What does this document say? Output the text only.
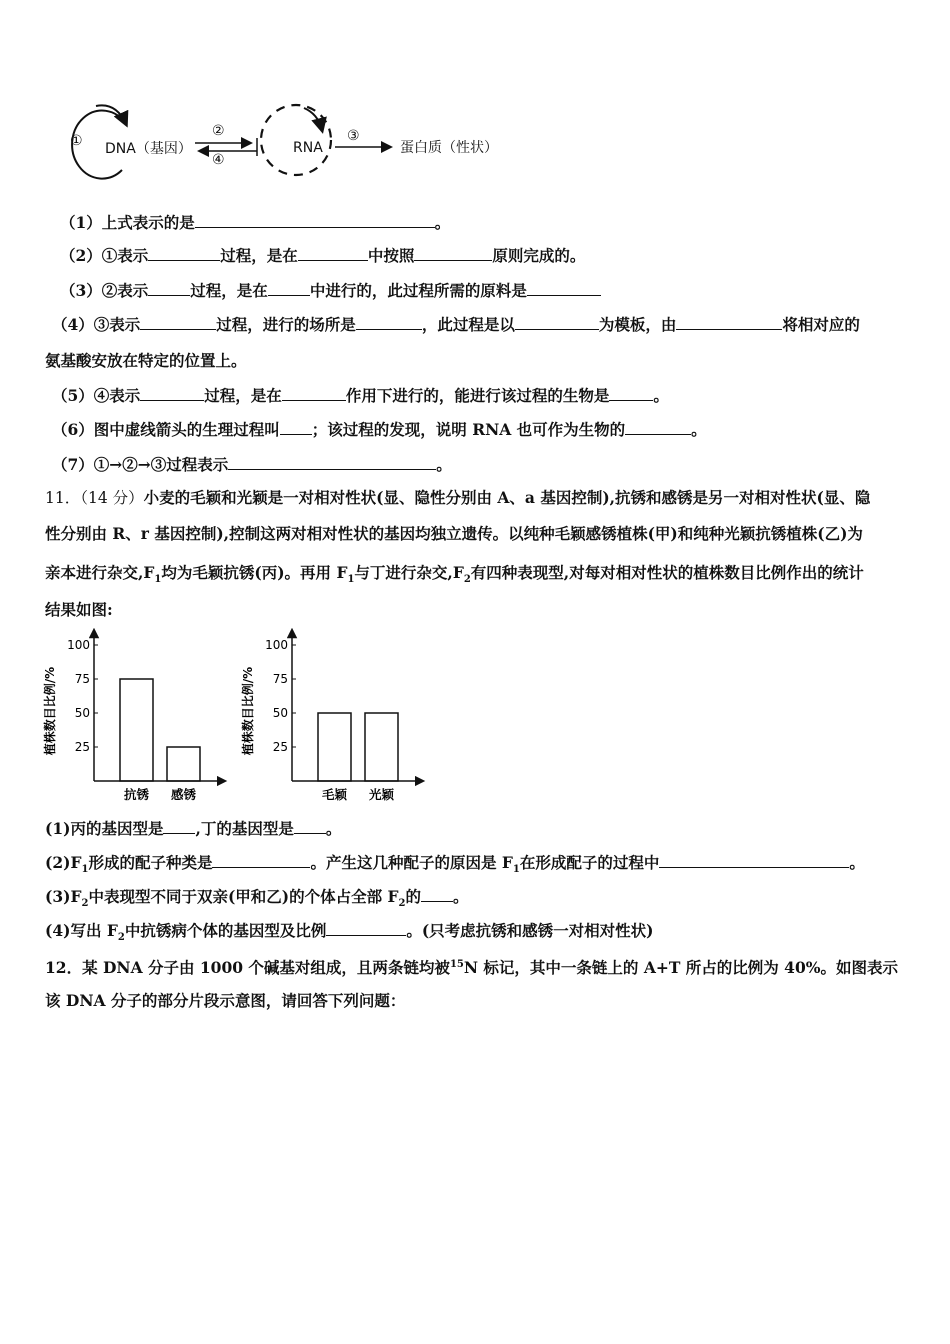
① DNA（基因）
②
④
RNA
③
蛋白质（性状）
（1）上式表示的是	。
（2）①表示	过程，是在	中按照	原则完成的。
（3）②表示	过程，是在	中进行的，此过程所需的原料是
（4）③表示	过程，进行的场所是	，此过程是以	为模板，由	将相对应的
氨基酸安放在特定的位置上。
（5）④表示	过程，是在	作用下进行的，能进行该过程的生物是	。
（6）图中虚线箭头的生理过程叫 ；该过程的发现，说明 RNA 也可作为生物的	。
（7）①→②→③过程表示	。
11．（14 分）小麦的毛颖和光颖是一对相对性状(显、隐性分别由 A、a 基因控制),抗锈和感锈是另一对相对性状(显、隐
性分别由 R、r 基因控制),控制这两对相对性状的基因均独立遗传。以纯种毛颖感锈植株(甲)和纯种光颖抗锈植株(乙)为
亲本进行杂交$,F_1$均为毛颖抗锈(丙)。再用 $F_1$与丁进行杂交$,F_2$有四种表现型,对每对相对性状的植株数目比例作出的统计
结果如图:
植株数目比例/% 25
50
75
100
抗锈 感锈
植株数目比例/% 25
50
75
100
毛颖 光颖
(1)丙的基因型是 ,丁的基因型是 。
$(2)F_1$形成的配子种类是	。产生这几种配子的原因是 $F_1$在形成配子的过程中	。
$(3)F_2$中表现型不同于双亲(甲和乙)的个体占全部 $F_2$的 。
(4)写出 $F_2$中抗锈病个体的基因型及比例	。(只考虑抗锈和感锈一对相对性状)
12．某 DNA 分子由 1000 个碱基对组成，且两条链均被$^{15}$N 标记，其中一条链上的 A+T 所占的比例为 40%。如图表示
该 DNA 分子的部分片段示意图，请回答下列问题：
